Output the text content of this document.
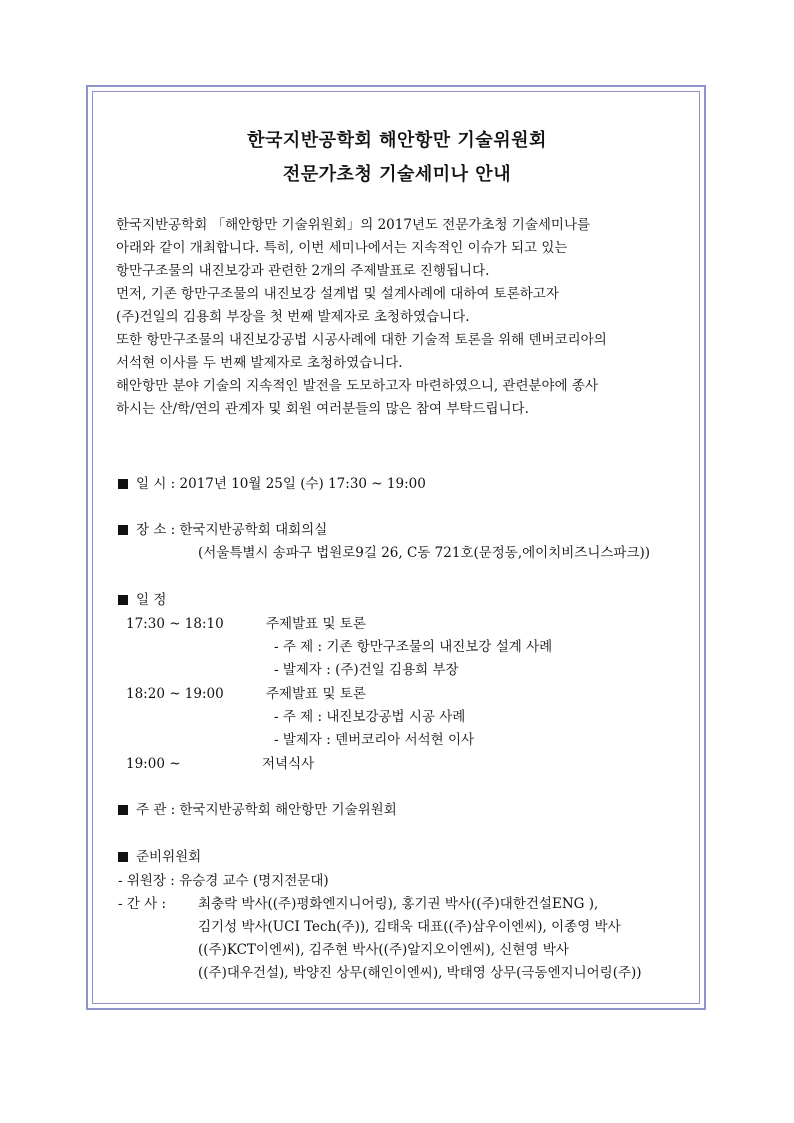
한국지반공학회 해안항만 기술위원회
전문가초청 기술세미나 안내
한국지반공학회 「해안항만 기술위원회」의 2017년도 전문가초청 기술세미나를
아래와 같이 개최합니다. 특히, 이번 세미나에서는 지속적인 이슈가 되고 있는
항만구조물의 내진보강과 관련한 2개의 주제발표로 진행됩니다.
먼저, 기존 항만구조물의 내진보강 설계법 및 설계사례에 대하여 토론하고자
(주)건일의 김용희 부장을 첫 번째 발제자로 초청하였습니다.
또한 항만구조물의 내진보강공법 시공사례에 대한 기술적 토론을 위해 덴버코리아의
서석현 이사를 두 번째 발제자로 초청하였습니다.
해안항만 분야 기술의 지속적인 발전을 도모하고자 마련하였으니, 관련분야에 종사
하시는 산/학/연의 관계자 및 회원 여러분들의 많은 참여 부탁드립니다.
일 시 : 2017년 10월 25일 (수) 17:30 ~ 19:00
장 소 : 한국지반공학회 대회의실
(서울특별시 송파구 법원로9길 26, C동 721호(문정동,에이치비즈니스파크))
일 정
17:30 ~ 18:10	주제발표 및 토론
- 주 제 : 기존 항만구조물의 내진보강 설계 사례
- 발제자 : (주)건일 김용희 부장
18:20 ~ 19:00	주제발표 및 토론
- 주 제 : 내진보강공법 시공 사례
- 발제자 : 덴버코리아 서석현 이사
19:00 ~	저녁식사
주 관 : 한국지반공학회 해안항만 기술위원회
준비위원회
- 위원장 : 유승경 교수 (명지전문대)
- 간 사 : 최충락 박사((주)평화엔지니어링), 홍기권 박사((주)대한건설ENG ),
김기성 박사(UCI Tech(주)), 김태욱 대표((주)삼우이엔씨), 이종영 박사
((주)KCT이엔씨), 김주현 박사((주)알지오이엔씨), 신현영 박사
((주)대우건설), 박양진 상무(해인이엔씨), 박태영 상무(극동엔지니어링(주))
